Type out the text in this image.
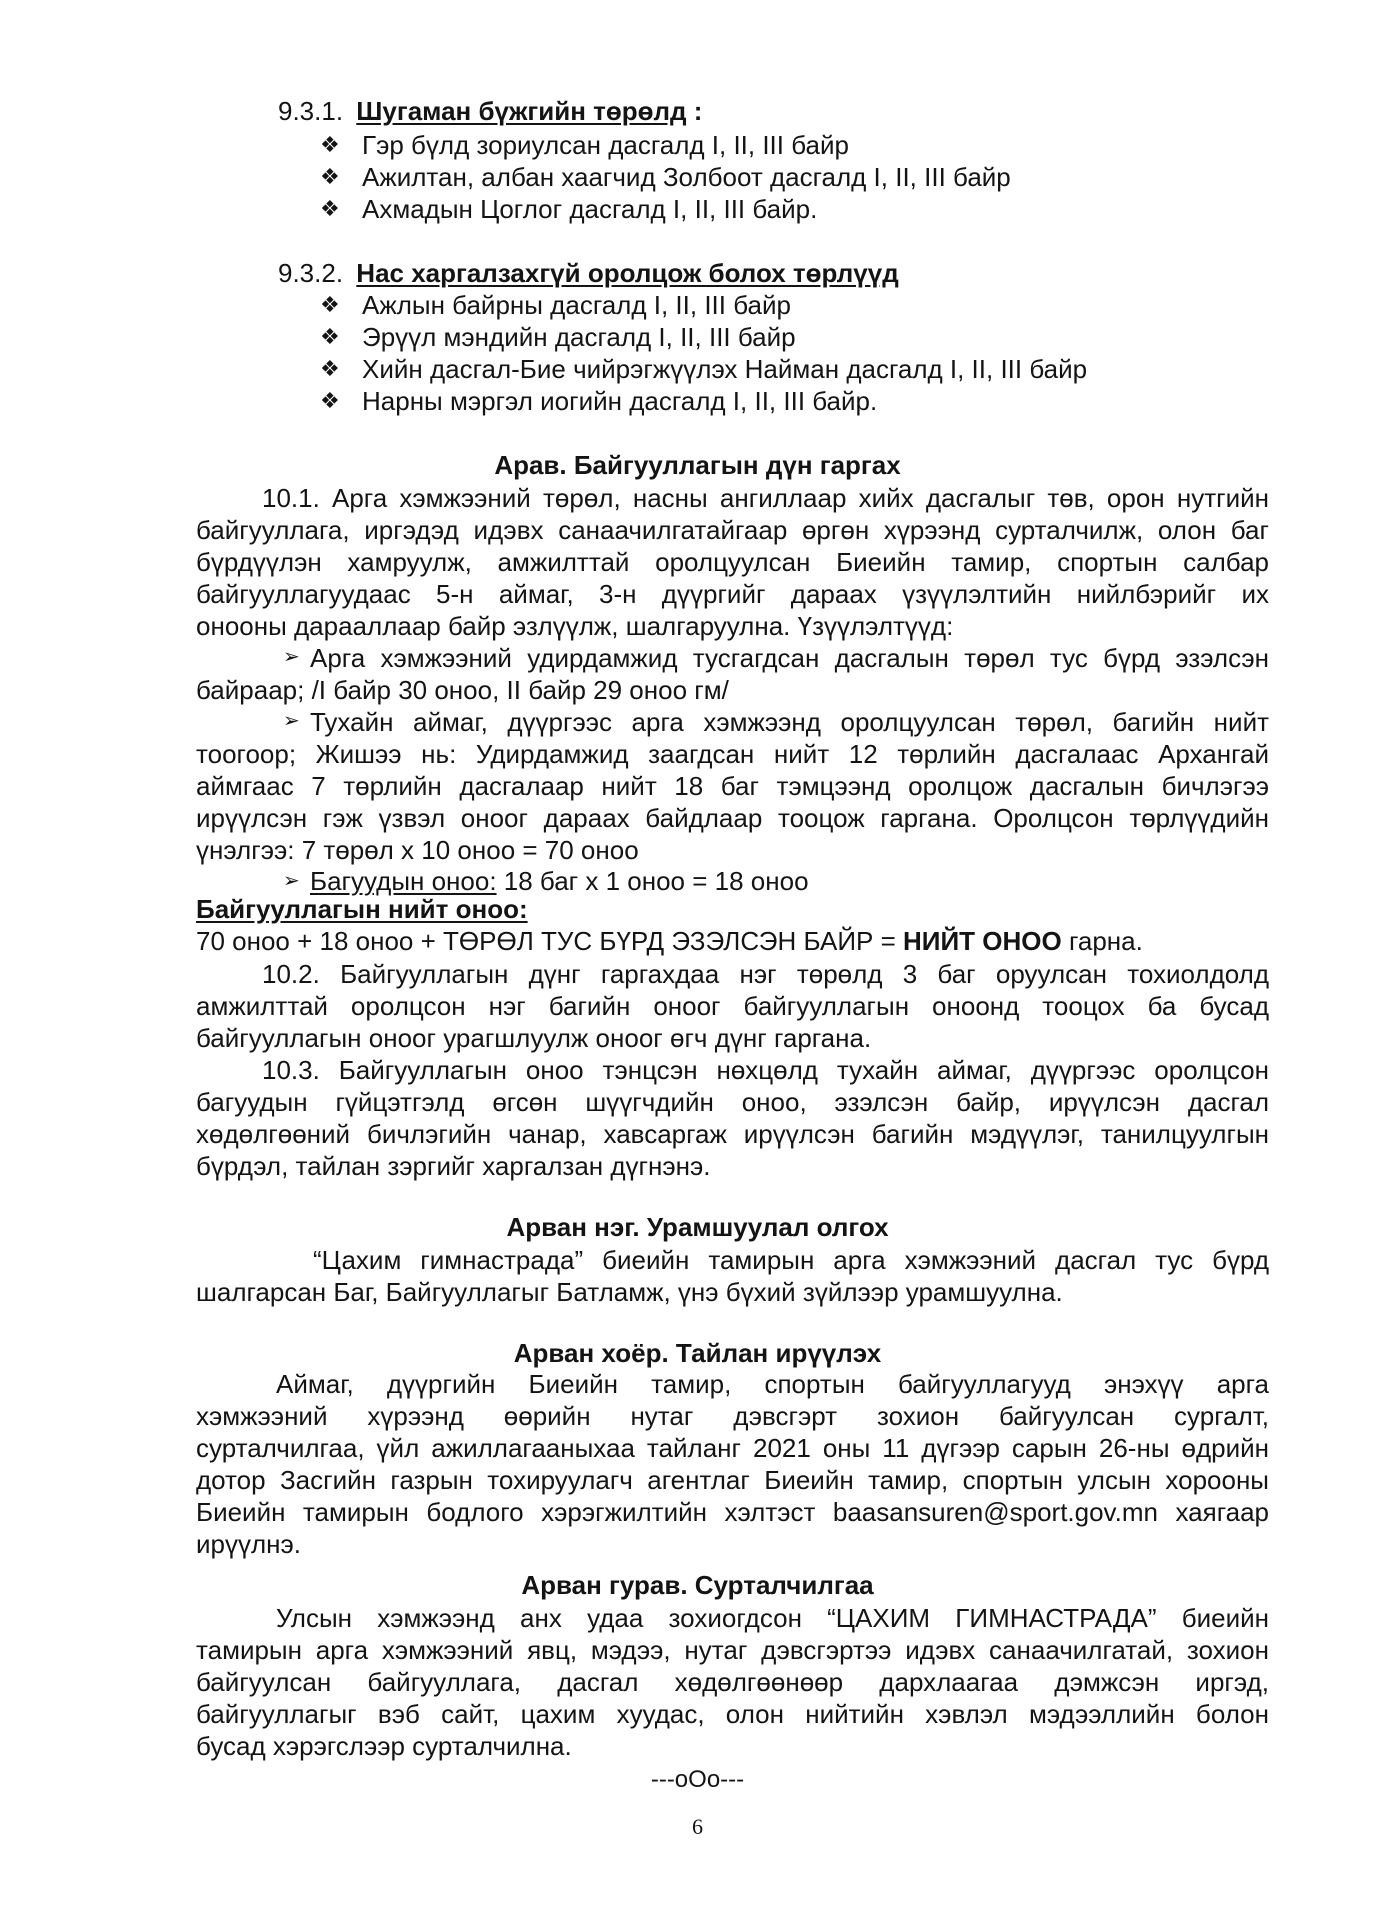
9.3.1. Шугаман бүжгийн төрөлд :
❖ Гэр бүлд зориулсан дасгалд I, II, III байр
❖ Ажилтан, албан хаагчид Золбоот дасгалд I, II, III байр
❖ Ахмадын Цоглог дасгалд I, II, III байр.
9.3.2. Нас харгалзахгүй оролцож болох төрлүүд
❖ Ажлын байрны дасгалд I, II, III байр
❖ Эрүүл мэндийн дасгалд I, II, III байр
❖ Хийн дасгал-Бие чийрэгжүүлэх Найман дасгалд I, II, III байр
❖ Нарны мэргэл иогийн дасгалд I, II, III байр.
Арав. Байгууллагын дүн гаргах
10.1. Арга хэмжээний төрөл, насны ангиллаар хийх дасгалыг төв, орон нутгийн
байгууллага, иргэдэд идэвх санаачилгатайгаар өргөн хүрээнд сурталчилж, олон баг
бүрдүүлэн хамруулж, амжилттай оролцуулсан Биеийн тамир, спортын салбар
байгууллагуудаас 5-н аймаг, 3-н дүүргийг дараах үзүүлэлтийн нийлбэрийг их
онооны дарааллаар байр эзлүүлж, шалгаруулна. Үзүүлэлтүүд:
➢ Арга хэмжээний удирдамжид тусгагдсан дасгалын төрөл тус бүрд эзэлсэн
байраар; /I байр 30 оноо, II байр 29 оноо гм/
➢ Тухайн аймаг, дүүргээс арга хэмжээнд оролцуулсан төрөл, багийн нийт
тоогоор; Жишээ нь: Удирдамжид заагдсан нийт 12 төрлийн дасгалаас Архангай
аймгаас 7 төрлийн дасгалаар нийт 18 баг тэмцээнд оролцож дасгалын бичлэгээ
ирүүлсэн гэж үзвэл оноог дараах байдлаар тооцож гаргана. Оролцсон төрлүүдийн
үнэлгээ: 7 төрөл x 10 оноо = 70 оноо
➢ Багуудын оноо: 18 баг x 1 оноо = 18 оноо
Байгууллагын нийт оноо:
70 оноо + 18 оноо + ТӨРӨЛ ТУС БҮРД ЭЗЭЛСЭН БАЙР = НИЙТ ОНОО гарна.
10.2. Байгууллагын дүнг гаргахдаа нэг төрөлд 3 баг оруулсан тохиолдолд
амжилттай оролцсон нэг багийн оноог байгууллагын оноонд тооцох ба бусад
байгууллагын оноог урагшлуулж оноог өгч дүнг гаргана.
10.3. Байгууллагын оноо тэнцсэн нөхцөлд тухайн аймаг, дүүргээс оролцсон
багуудын гүйцэтгэлд өгсөн шүүгчдийн оноо, эзэлсэн байр, ирүүлсэн дасгал
хөдөлгөөний бичлэгийн чанар, хавсаргаж ирүүлсэн багийн мэдүүлэг, танилцуулгын
бүрдэл, тайлан зэргийг харгалзан дүгнэнэ.
Арван нэг. Урамшуулал олгох
“Цахим гимнастрада” биеийн тамирын арга хэмжээний дасгал тус бүрд
шалгарсан Баг, Байгууллагыг Батламж, үнэ бүхий зүйлээр урамшуулна.
Арван хоёр. Тайлан ирүүлэх
Аймаг, дүүргийн Биеийн тамир, спортын байгууллагууд энэхүү арга
хэмжээний хүрээнд өөрийн нутаг дэвсгэрт зохион байгуулсан сургалт,
сурталчилгаа, үйл ажиллагааныхаа тайланг 2021 оны 11 дүгээр сарын 26-ны өдрийн
дотор Засгийн газрын тохируулагч агентлаг Биеийн тамир, спортын улсын хорооны
Биеийн тамирын бодлого хэрэгжилтийн хэлтэст baasansuren@sport.gov.mn хаягаар
ирүүлнэ.
Арван гурав. Сурталчилгаа
Улсын хэмжээнд анх удаа зохиогдсон “ЦАХИМ ГИМНАСТРАДА” биеийн
тамирын арга хэмжээний явц, мэдээ, нутаг дэвсгэртээ идэвх санаачилгатай, зохион
байгуулсан байгууллага, дасгал хөдөлгөөнөөр дархлаагаа дэмжсэн иргэд,
байгууллагыг вэб сайт, цахим хуудас, олон нийтийн хэвлэл мэдээллийн болон
бусад хэрэгслээр сурталчилна.
---oOo---
6
